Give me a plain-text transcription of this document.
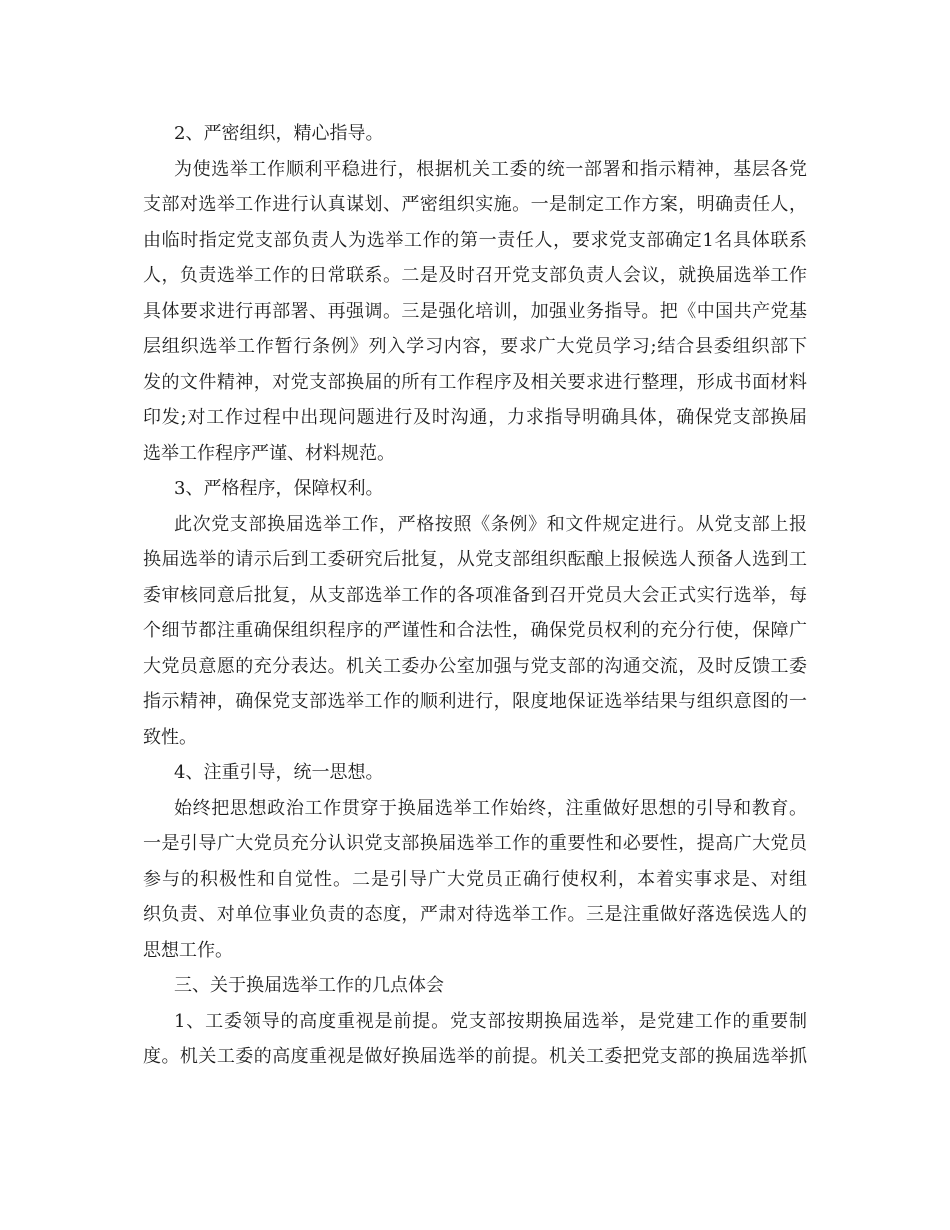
2、严密组织，精心指导。
为使选举工作顺利平稳进行，根据机关工委的统一部署和指示精神，基层各党
支部对选举工作进行认真谋划、严密组织实施。一是制定工作方案，明确责任人，
由临时指定党支部负责人为选举工作的第一责任人，要求党支部确定1名具体联系
人，负责选举工作的日常联系。二是及时召开党支部负责人会议，就换届选举工作
具体要求进行再部署、再强调。三是强化培训，加强业务指导。把《中国共产党基
层组织选举工作暂行条例》列入学习内容，要求广大党员学习;结合县委组织部下
发的文件精神，对党支部换届的所有工作程序及相关要求进行整理，形成书面材料
印发;对工作过程中出现问题进行及时沟通，力求指导明确具体，确保党支部换届
选举工作程序严谨、材料规范。
3、严格程序，保障权利。
此次党支部换届选举工作，严格按照《条例》和文件规定进行。从党支部上报
换届选举的请示后到工委研究后批复，从党支部组织酝酿上报候选人预备人选到工
委审核同意后批复，从支部选举工作的各项准备到召开党员大会正式实行选举，每
个细节都注重确保组织程序的严谨性和合法性，确保党员权利的充分行使，保障广
大党员意愿的充分表达。机关工委办公室加强与党支部的沟通交流，及时反馈工委
指示精神，确保党支部选举工作的顺利进行，限度地保证选举结果与组织意图的一
致性。
4、注重引导，统一思想。
始终把思想政治工作贯穿于换届选举工作始终，注重做好思想的引导和教育。
一是引导广大党员充分认识党支部换届选举工作的重要性和必要性，提高广大党员
参与的积极性和自觉性。二是引导广大党员正确行使权利，本着实事求是、对组
织负责、对单位事业负责的态度，严肃对待选举工作。三是注重做好落选侯选人的
思想工作。
三、关于换届选举工作的几点体会
1、工委领导的高度重视是前提。党支部按期换届选举，是党建工作的重要制
度。机关工委的高度重视是做好换届选举的前提。机关工委把党支部的换届选举抓
